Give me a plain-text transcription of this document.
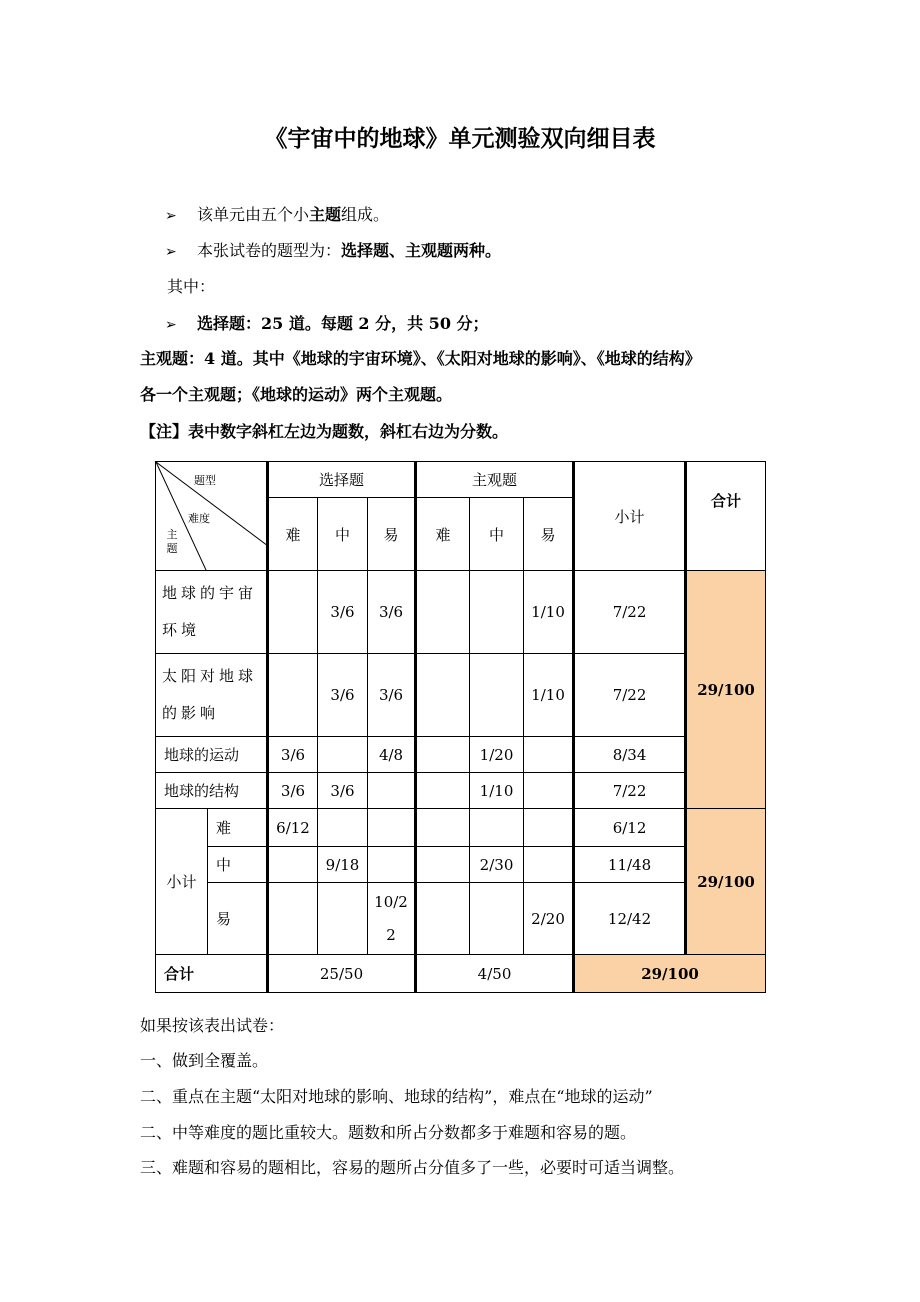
《宇宙中的地球》单元测验双向细目表
➢ 该单元由五个小主题组成。
➢ 本张试卷的题型为：选择题、主观题两种。
其中：
➢ 选择题：25 道。每题 2 分，共 50 分；
主观题：4 道。其中《地球的宇宙环境》、《太阳对地球的影响》、《地球的结构》
各一个主观题；《地球的运动》两个主观题。
【注】表中数字斜杠左边为题数，斜杠右边为分数。
题型
难度
主题		选择题			主观题			小计	合计
		难	中	易	难	中	易		
地球的宇宙环境			3/6	3/6			1/10	7/22	29/100
太阳对地球的影响			3/6	3/6			1/10	7/22	
地球的运动		3/6		4/8		1/20		8/34	
地球的结构		3/6	3/6			1/10		7/22	
小计	难	6/12						6/12	29/100
	中		9/18			2/30		11/48	
	易			10/22			2/20	12/42	
合计		25/50			4/50			29/100	
如果按该表出试卷：
一、做到全覆盖。
二、重点在主题“太阳对地球的影响、地球的结构”，难点在“地球的运动”
二、中等难度的题比重较大。题数和所占分数都多于难题和容易的题。
三、难题和容易的题相比，容易的题所占分值多了一些，必要时可适当调整。
